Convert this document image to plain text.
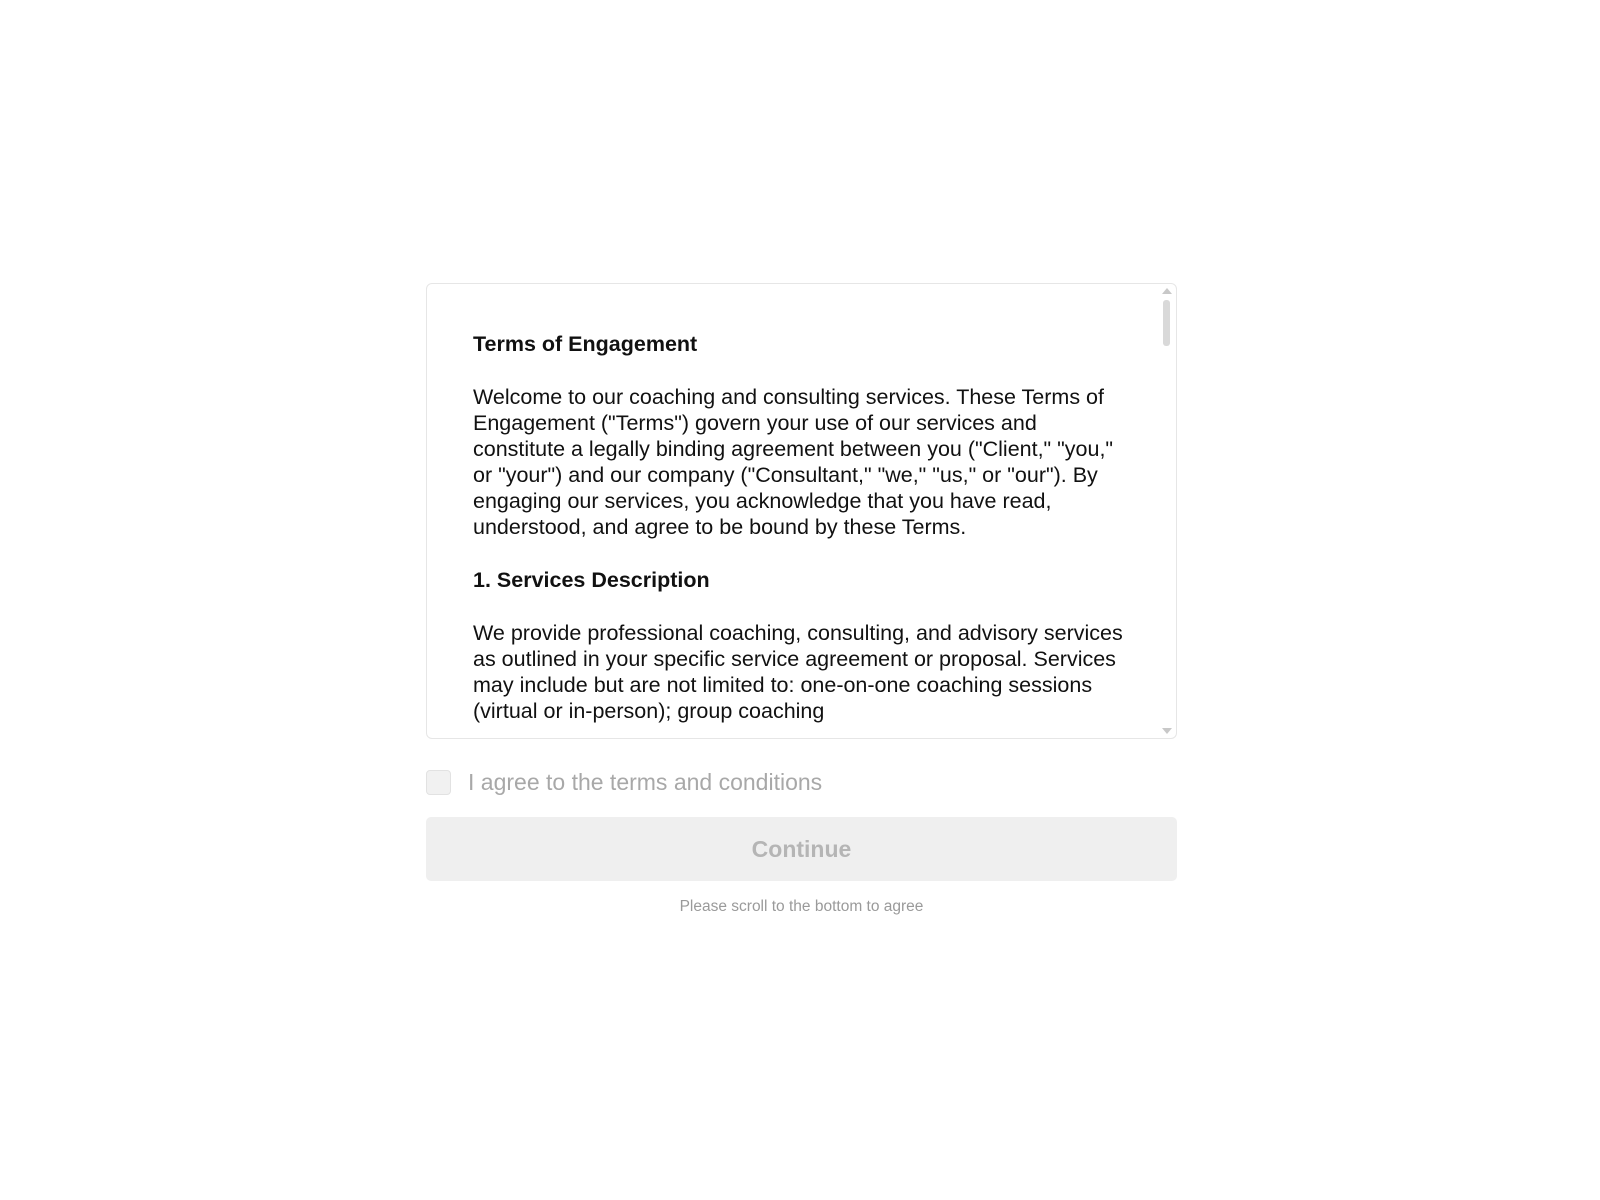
Terms of Engagement
Welcome to our coaching and consulting services. These Terms of Engagement ("Terms") govern your use of our services and constitute a legally binding agreement between you ("Client," "you," or "your") and our company ("Consultant," "we," "us," or "our"). By engaging our services, you acknowledge that you have read, understood, and agree to be bound by these Terms.
1. Services Description
We provide professional coaching, consulting, and advisory services as outlined in your specific service agreement or proposal. Services may include but are not limited to: one-on-one coaching sessions (virtual or in-person); group coaching
I agree to the terms and conditions
Continue
Please scroll to the bottom to agree
